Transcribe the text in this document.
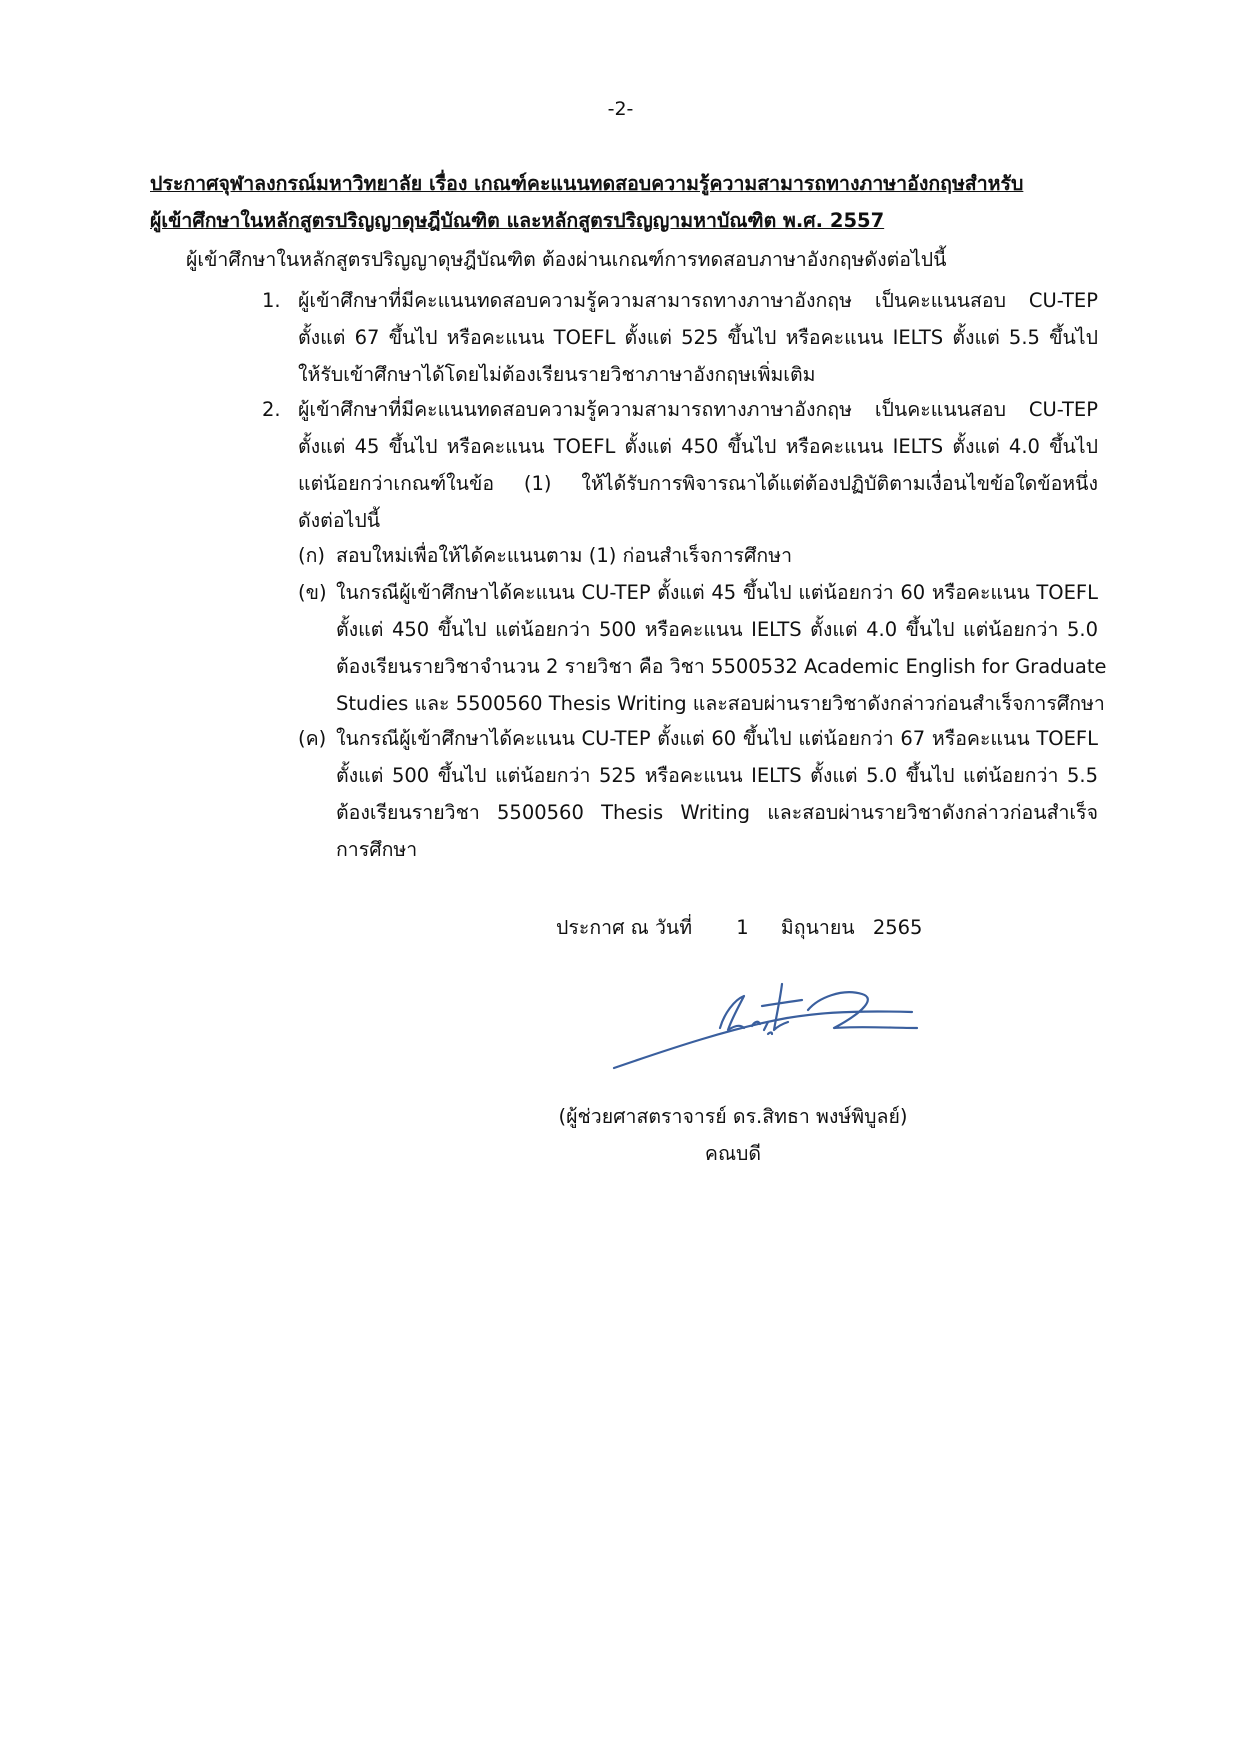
-2-
ประกาศจุฬาลงกรณ์มหาวิทยาลัย เรื่อง เกณฑ์คะแนนทดสอบความรู้ความสามารถทางภาษาอังกฤษสำหรับ
ผู้เข้าศึกษาในหลักสูตรปริญญาดุษฎีบัณฑิต และหลักสูตรปริญญามหาบัณฑิต พ.ศ. 2557
ผู้เข้าศึกษาในหลักสูตรปริญญาดุษฎีบัณฑิต ต้องผ่านเกณฑ์การทดสอบภาษาอังกฤษดังต่อไปนี้
1. ผู้เข้าศึกษาที่มีคะแนนทดสอบความรู้ความสามารถทางภาษาอังกฤษ เป็นคะแนนสอบ CU-TEP
ตั้งแต่ 67 ขึ้นไป หรือคะแนน TOEFL ตั้งแต่ 525 ขึ้นไป หรือคะแนน IELTS ตั้งแต่ 5.5 ขึ้นไป
ให้รับเข้าศึกษาได้โดยไม่ต้องเรียนรายวิชาภาษาอังกฤษเพิ่มเติม
2. ผู้เข้าศึกษาที่มีคะแนนทดสอบความรู้ความสามารถทางภาษาอังกฤษ เป็นคะแนนสอบ CU-TEP
ตั้งแต่ 45 ขึ้นไป หรือคะแนน TOEFL ตั้งแต่ 450 ขึ้นไป หรือคะแนน IELTS ตั้งแต่ 4.0 ขึ้นไป
แต่น้อยกว่าเกณฑ์ในข้อ (1) ให้ได้รับการพิจารณาได้แต่ต้องปฏิบัติตามเงื่อนไขข้อใดข้อหนึ่ง
ดังต่อไปนี้
(ก) สอบใหม่เพื่อให้ได้คะแนนตาม (1) ก่อนสำเร็จการศึกษา
(ข) ในกรณีผู้เข้าศึกษาได้คะแนน CU-TEP ตั้งแต่ 45 ขึ้นไป แต่น้อยกว่า 60 หรือคะแนน TOEFL
ตั้งแต่ 450 ขึ้นไป แต่น้อยกว่า 500 หรือคะแนน IELTS ตั้งแต่ 4.0 ขึ้นไป แต่น้อยกว่า 5.0
ต้องเรียนรายวิชาจำนวน 2 รายวิชา คือ วิชา 5500532 Academic English for Graduate
Studies และ 5500560 Thesis Writing และสอบผ่านรายวิชาดังกล่าวก่อนสำเร็จการศึกษา
(ค) ในกรณีผู้เข้าศึกษาได้คะแนน CU-TEP ตั้งแต่ 60 ขึ้นไป แต่น้อยกว่า 67 หรือคะแนน TOEFL
ตั้งแต่ 500 ขึ้นไป แต่น้อยกว่า 525 หรือคะแนน IELTS ตั้งแต่ 5.0 ขึ้นไป แต่น้อยกว่า 5.5
ต้องเรียนรายวิชา 5500560 Thesis Writing และสอบผ่านรายวิชาดังกล่าวก่อนสำเร็จ
การศึกษา
ประกาศ ณ วันที่ 1 มิถุนายน 2565
(ผู้ช่วยศาสตราจารย์ ดร.สิทธา พงษ์พิบูลย์)
คณบดี
